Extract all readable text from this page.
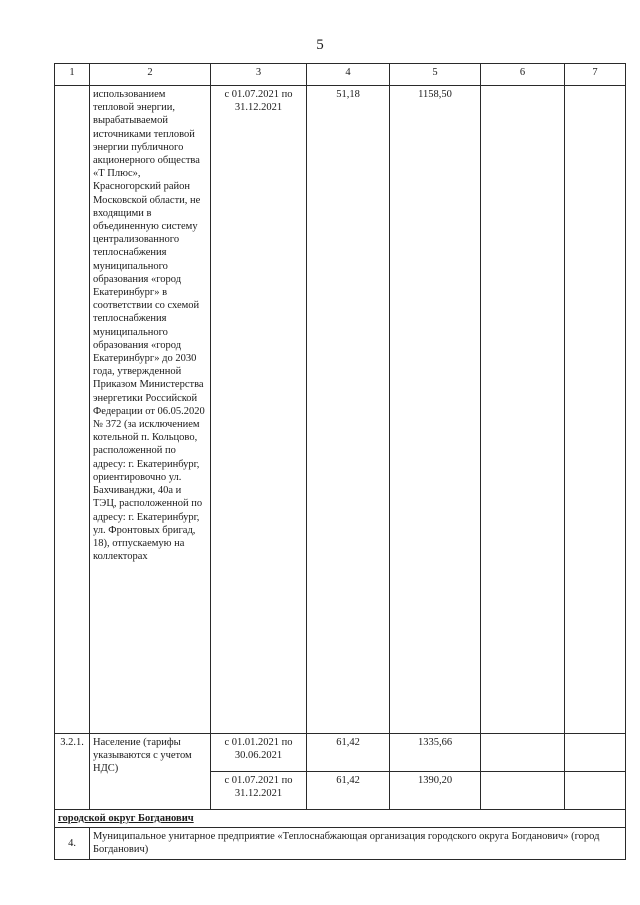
5
1	2	3	4	5	6	7
	использованием тепловой энергии, вырабатываемой источниками тепловой энергии публичного акционерного общества «Т Плюс», Красногорский район Московской области, не входящими в объединенную систему централизованного теплоснабжения муниципального образования «город Екатеринбург» в соответствии со схемой теплоснабжения муниципального образования «город Екатеринбург» до 2030 года, утвержденной Приказом Министерства энергетики Российской Федерации от 06.05.2020 № 372 (за исключением котельной п. Кольцово, расположенной по адресу: г. Екатеринбург, ориентировочно ул. Бахчиванджи, 40а и ТЭЦ, расположенной по адресу: г. Екатеринбург, ул. Фронтовых бригад, 18), отпускаемую на коллекторах	с 01.07.2021 по 31.12.2021	51,18	1158,50		
3.2.1.	Население (тарифы указываются с учетом НДС)	с 01.01.2021 по 30.06.2021	61,42	1335,66		
		с 01.07.2021 по 31.12.2021	61,42	1390,20		
городской округ Богданович						
4.	Муниципальное унитарное предприятие «Теплоснабжающая организация городского округа Богданович» (город Богданович)					
